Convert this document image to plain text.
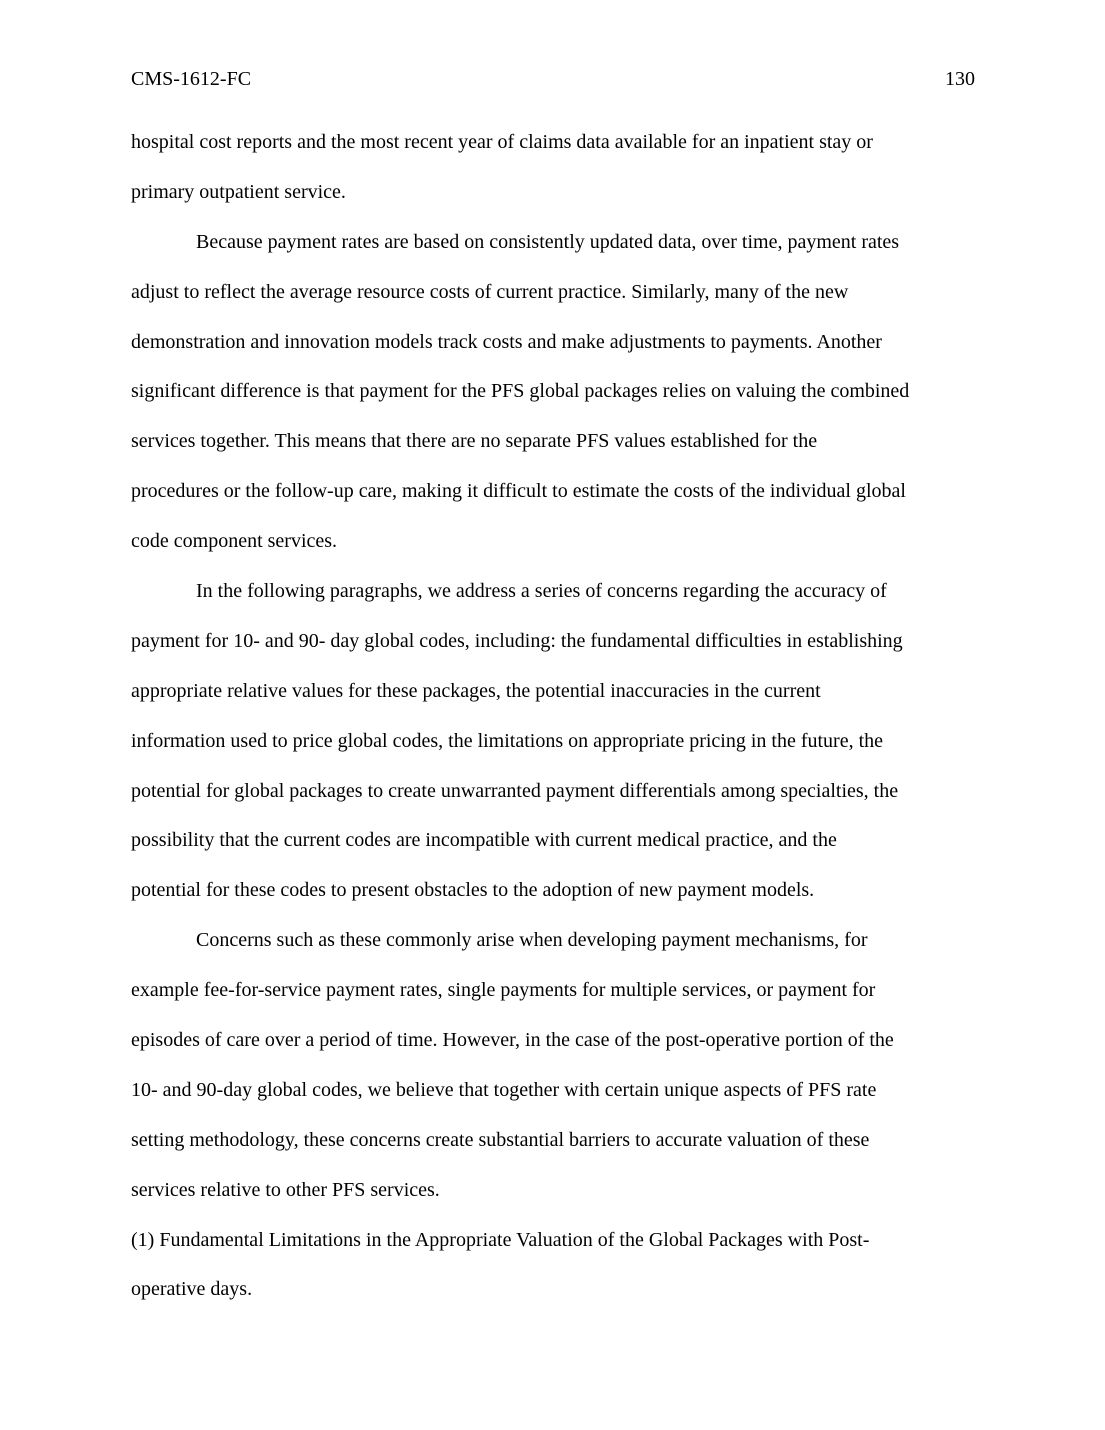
CMS-1612-FC	130
hospital cost reports and the most recent year of claims data available for an inpatient stay or
primary outpatient service.
Because payment rates are based on consistently updated data, over time, payment rates
adjust to reflect the average resource costs of current practice. Similarly, many of the new
demonstration and innovation models track costs and make adjustments to payments. Another
significant difference is that payment for the PFS global packages relies on valuing the combined
services together. This means that there are no separate PFS values established for the
procedures or the follow-up care, making it difficult to estimate the costs of the individual global
code component services.
In the following paragraphs, we address a series of concerns regarding the accuracy of
payment for 10- and 90- day global codes, including: the fundamental difficulties in establishing
appropriate relative values for these packages, the potential inaccuracies in the current
information used to price global codes, the limitations on appropriate pricing in the future, the
potential for global packages to create unwarranted payment differentials among specialties, the
possibility that the current codes are incompatible with current medical practice, and the
potential for these codes to present obstacles to the adoption of new payment models.
Concerns such as these commonly arise when developing payment mechanisms, for
example fee-for-service payment rates, single payments for multiple services, or payment for
episodes of care over a period of time. However, in the case of the post-operative portion of the
10- and 90-day global codes, we believe that together with certain unique aspects of PFS rate
setting methodology, these concerns create substantial barriers to accurate valuation of these
services relative to other PFS services.
(1) Fundamental Limitations in the Appropriate Valuation of the Global Packages with Post-
operative days.
